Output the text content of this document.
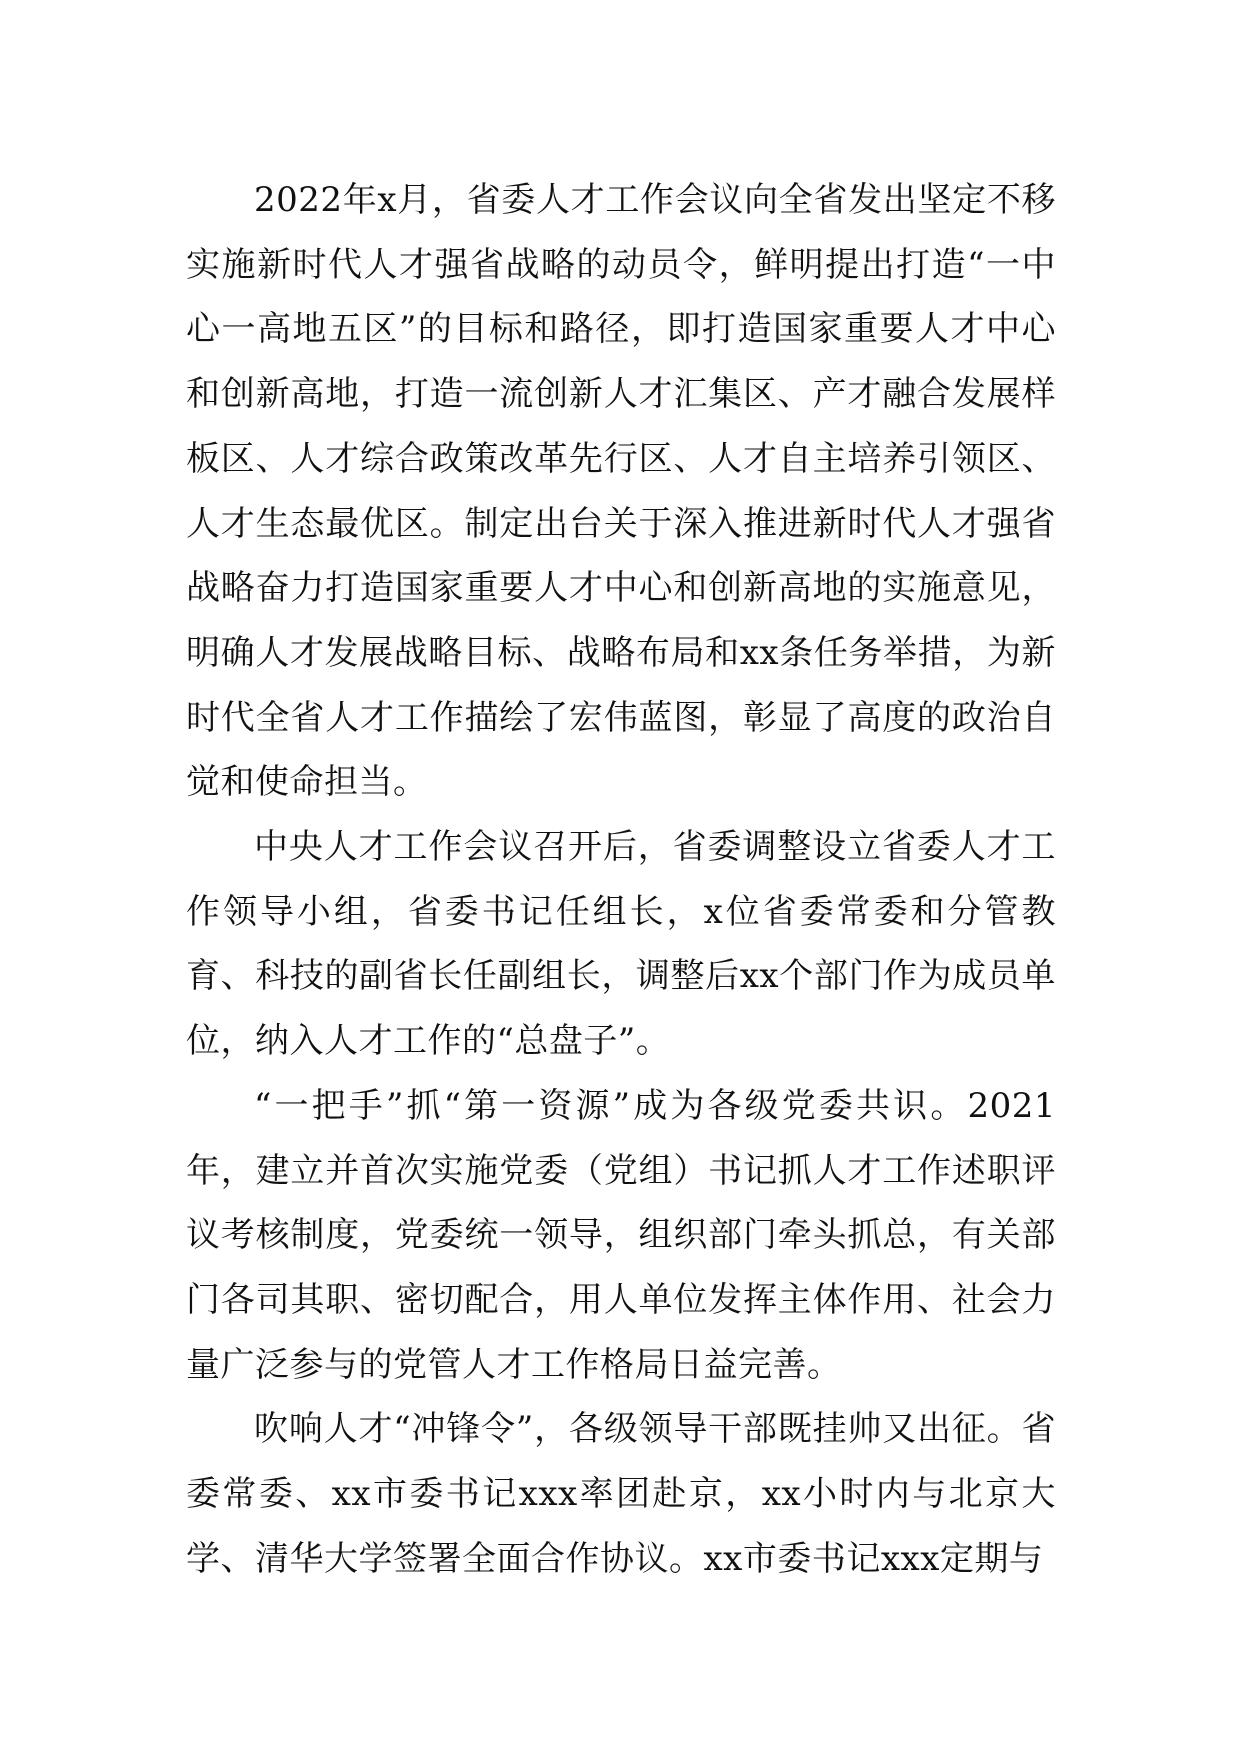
2022年x月，省委人才工作会议向全省发出坚定不移实施新时代人才强省战略的动员令，鲜明提出打造“一中心一高地五区”的目标和路径，即打造国家重要人才中心和创新高地，打造一流创新人才汇集区、产才融合发展样板区、人才综合政策改革先行区、人才自主培养引领区、人才生态最优区。制定出台关于深入推进新时代人才强省战略奋力打造国家重要人才中心和创新高地的实施意见，明确人才发展战略目标、战略布局和xx条任务举措，为新时代全省人才工作描绘了宏伟蓝图，彰显了高度的政治自觉和使命担当。

中央人才工作会议召开后，省委调整设立省委人才工作领导小组，省委书记任组长，x位省委常委和分管教育、科技的副省长任副组长，调整后xx个部门作为成员单位，纳入人才工作的“总盘子”。

“一把手”抓“第一资源”成为各级党委共识。2021年，建立并首次实施党委（党组）书记抓人才工作述职评议考核制度，党委统一领导，组织部门牵头抓总，有关部门各司其职、密切配合，用人单位发挥主体作用、社会力量广泛参与的党管人才工作格局日益完善。

吹响人才“冲锋令”，各级领导干部既挂帅又出征。省委常委、xx市委书记xxx率团赴京，xx小时内与北京大学、清华大学签署全面合作协议。xx市委书记xxx定期与
